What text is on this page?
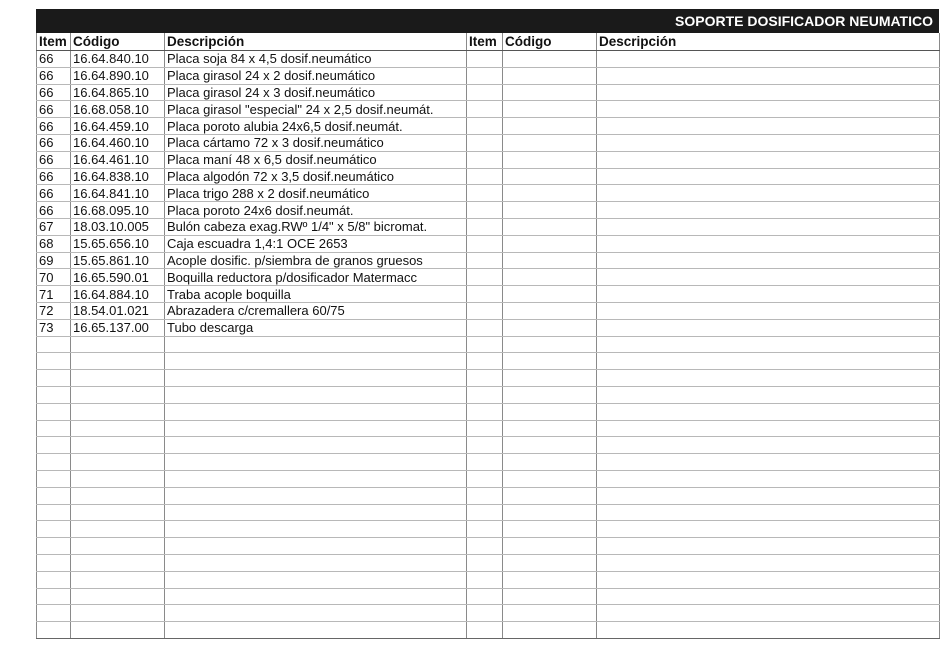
SOPORTE DOSIFICADOR NEUMATICO
Item	Código	Descripción	Item	Código	Descripción
66	16.64.840.10	Placa soja 84 x 4,5 dosif.neumático			
66	16.64.890.10	Placa girasol 24 x 2 dosif.neumático			
66	16.64.865.10	Placa girasol 24 x 3 dosif.neumático			
66	16.68.058.10	Placa girasol "especial" 24 x 2,5 dosif.neumát.			
66	16.64.459.10	Placa poroto alubia 24x6,5 dosif.neumát.			
66	16.64.460.10	Placa cártamo 72 x 3 dosif.neumático			
66	16.64.461.10	Placa maní 48 x 6,5 dosif.neumático			
66	16.64.838.10	Placa algodón 72 x 3,5 dosif.neumático			
66	16.64.841.10	Placa trigo 288 x 2 dosif.neumático			
66	16.68.095.10	Placa poroto 24x6 dosif.neumát.			
67	18.03.10.005	Bulón cabeza exag.RWº 1/4" x 5/8" bicromat.			
68	15.65.656.10	Caja escuadra 1,4:1 OCE 2653			
69	15.65.861.10	Acople dosific. p/siembra de granos gruesos			
70	16.65.590.01	Boquilla reductora p/dosificador Matermacc			
71	16.64.884.10	Traba acople boquilla			
72	18.54.01.021	Abrazadera c/cremallera 60/75			
73	16.65.137.00	Tubo descarga			
